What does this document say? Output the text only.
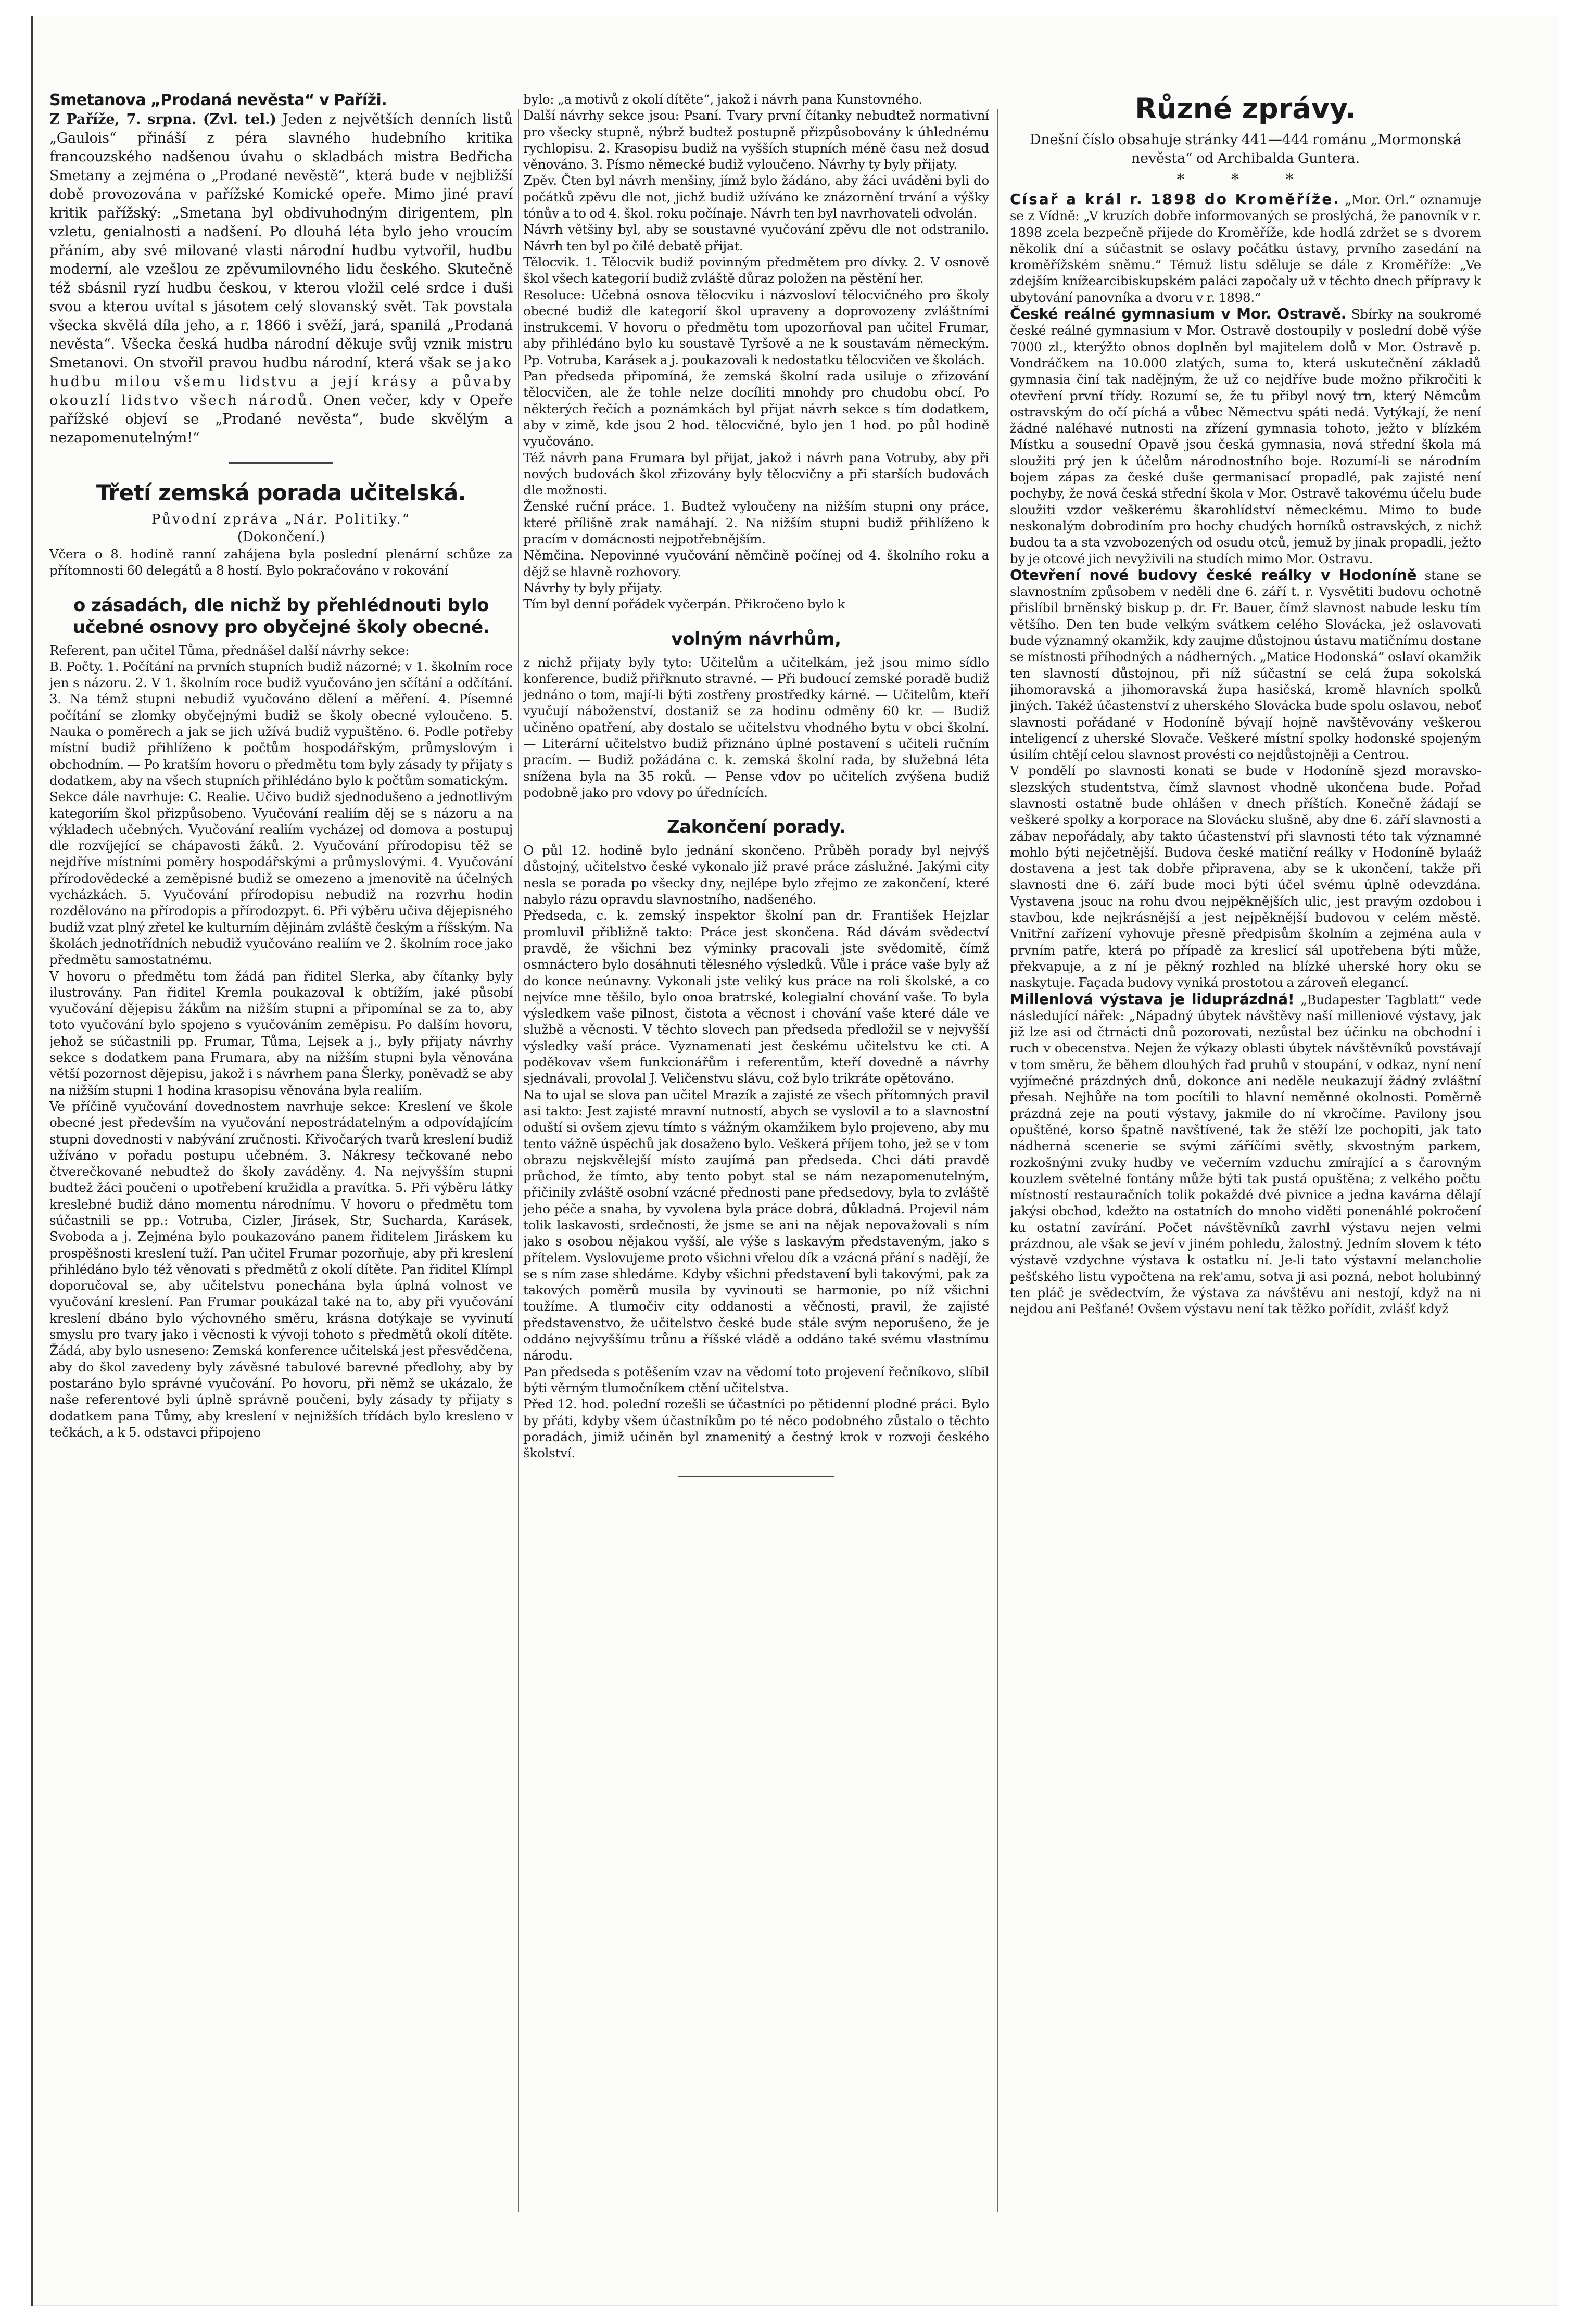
Smetanova „Prodaná nevěsta“ v Paříži.
Z Paříže, 7. srpna. (Zvl. tel.) Jeden z největších denních listů „Gaulois“ přináší z péra slavného hudebního kritika francouzského nadšenou úvahu o skladbách mistra Bedřicha Smetany a zejména o „Prodané nevěstě“, která bude v nejbližší době provozována v pařížské Komické opeře. Mimo jiné praví kritik pařížský: „Smetana byl obdivuhodným dirigentem, pln vzletu, genialnosti a nadšení. Po dlouhá léta bylo jeho vroucím přáním, aby své milované vlasti národní hudbu vytvořil, hudbu moderní, ale vzešlou ze zpěvumilovného lidu českého. Skutečně též sbásnil ryzí hudbu českou, v kterou vložil celé srdce i duši svou a kterou uvítal s jásotem celý slovanský svět. Tak povstala všecka skvělá díla jeho, a r. 1866 i svěží, jará, spanilá „Prodaná nevěsta“. Všecka česká hudba národní děkuje svůj vznik mistru Smetanovi. On stvořil pravou hudbu národní, která však se jako hudbu milou všemu lidstvu a její krásy a půvaby okouzlí lidstvo všech národů. Onen večer, kdy v Opeře pařížské objeví se „Prodané nevěsta“, bude skvělým a nezapomenutelným!“

Třetí zemská porada učitelská.

Původní zpráva „Nár. Politiky.“

(Dokončení.)

Včera o 8. hodině ranní zahájena byla poslední plenární schůze za přítomnosti 60 delegátů a 8 hostí. Bylo pokračováno v rokování

o zásadách, dle nichž by přehlédnouti bylo učebné osnovy pro obyčejné školy obecné.

Referent, pan učitel Tůma, přednášel další návrhy sekce:

B. Počty. 1. Počítání na prvních stupních budiž názorné; v 1. školním roce jen s názoru. 2. V 1. školním roce budiž vyučováno jen sčítání a odčítání. 3. Na témž stupni nebudiž vyučováno dělení a měření. 4. Písemné počítání se zlomky obyčejnými budiž se školy obecné vyloučeno. 5. Nauka o poměrech a jak se jich užívá budiž vypuštěno. 6. Podle potřeby místní budiž přihlíženo k počtům hospodářským, průmyslovým i obchodním. — Po kratším hovoru o předmětu tom byly zásady ty přijaty s dodatkem, aby na všech stupních přihlédáno bylo k počtům somatickým.

Sekce dále navrhuje: C. Realie. Učivo budiž sjednodušeno a jednotlivým kategoriím škol přizpůsobeno. Vyučování realiím děj se s názoru a na výkladech učebných. Vyučování realiím vycházej od domova a postupuj dle rozvíjející se chápavosti žáků. 2. Vyučování přírodopisu těž se nejdříve místními poměry hospodářskými a průmyslovými. 4. Vyučování přírodovědecké a zeměpisné budiž se omezeno a jmenovitě na účelných vycházkách. 5. Vyučování přírodopisu nebudiž na rozvrhu hodin rozdělováno na přírodopis a přírodozpyt. 6. Při výběru učiva dějepisného budiž vzat plný zřetel ke kulturním dějinám zvláště českým a říšským. Na školách jednotřídních nebudiž vyučováno realiím ve 2. školním roce jako předmětu samostatnému.

V hovoru o předmětu tom žádá pan řiditel Slerka, aby čítanky byly ilustrovány. Pan řiditel Kremla poukazoval k obtížím, jaké působí vyučování dějepisu žákům na nižším stupni a připomínal se za to, aby toto vyučování bylo spojeno s vyučováním zeměpisu. Po dalším hovoru, jehož se súčastnili pp. Frumar, Tůma, Lejsek a j., byly přijaty návrhy sekce s dodatkem pana Frumara, aby na nižším stupni byla věnována větší pozornost dějepisu, jakož i s návrhem pana Šlerky, poněvadž se aby na nižším stupni 1 hodina krasopisu věnována byla realiím.

Ve příčině vyučování dovednostem navrhuje sekce: Kreslení ve škole obecné jest především na vyučování nepostrádatelným a odpovídajícím stupni dovednosti v nabývání zručnosti. Křivočarých tvarů kreslení budiž užíváno v pořadu postupu učebném. 3. Nákresy tečkované nebo čtverečkované nebudtež do školy zaváděny. 4. Na nejvyšším stupni budtež žáci poučeni o upotřebení kružidla a pravítka. 5. Při výběru látky kreslebné budiž dáno momentu národnímu. V hovoru o předmětu tom súčastnili se pp.: Votruba, Cizler, Jirásek, Str, Sucharda, Karásek, Svoboda a j. Zejména bylo poukazováno panem řiditelem Jiráskem ku prospěšnosti kreslení tuží. Pan učitel Frumar pozorňuje, aby při kreslení přihlédáno bylo též věnovati s předmětů z okolí dítěte. Pan řiditel Klímpl doporučoval se, aby učitelstvu ponechána byla úplná volnost ve vyučování kreslení. Pan Frumar poukázal také na to, aby při vyučování kreslení dbáno bylo výchovného směru, krásna dotýkaje se vyvinutí smyslu pro tvary jako i věcnosti k vývoji tohoto s předmětů okolí dítěte. Žádá, aby bylo usneseno: Zemská konference učitelská jest přesvědčena, aby do škol zavedeny byly závěsné tabulové barevné předlohy, aby by postaráno bylo správné vyučování. Po hovoru, při němž se ukázalo, že naše referentové byli úplně správně poučeni, byly zásady ty přijaty s dodatkem pana Tůmy, aby kreslení v nejnižších třídách bylo kresleno v tečkách, a k 5. odstavci připojeno

bylo: „a motivů z okolí dítěte“, jakož i návrh pana Kunstovného.

Další návrhy sekce jsou: Psaní. Tvary první čítanky nebudtež normativní pro všecky stupně, nýbrž budtež postupně přizpůsobovány k úhlednému rychlopisu. 2. Krasopisu budiž na vyšších stupních méně času než dosud věnováno. 3. Písmo německé budiž vyloučeno. Návrhy ty byly přijaty.

Zpěv. Čten byl návrh menšiny, jímž bylo žádáno, aby žáci uváděni byli do počátků zpěvu dle not, jichž budiž užíváno ke znázornění trvání a výšky tónův a to od 4. škol. roku počínaje. Návrh ten byl navrhovateli odvolán.

Návrh většiny byl, aby se soustavné vyučování zpěvu dle not odstranilo. Návrh ten byl po čilé debatě přijat.

Tělocvik. 1. Tělocvik budiž povinným předmětem pro dívky. 2. V osnově škol všech kategorií budiž zvláště důraz položen na pěstění her.

Resoluce: Učebná osnova tělocviku i názvosloví tělocvičného pro školy obecné budiž dle kategorií škol upraveny a doprovozeny zvláštními instrukcemi. V hovoru o předmětu tom upozorňoval pan učitel Frumar, aby přihlédáno bylo ku soustavě Tyršově a ne k soustavám německým. Pp. Votruba, Karásek a j. poukazovali k nedostatku tělocvičen ve školách.

Pan předseda připomíná, že zemská školní rada usiluje o zřizování tělocvičen, ale že tohle nelze docíliti mnohdy pro chudobu obcí. Po některých řečích a poznámkách byl přijat návrh sekce s tím dodatkem, aby v zimě, kde jsou 2 hod. tělocvičné, bylo jen 1 hod. po půl hodině vyučováno.

Též návrh pana Frumara byl přijat, jakož i návrh pana Votruby, aby při nových budovách škol zřizovány byly tělocvičny a při starších budovách dle možnosti.

Ženské ruční práce. 1. Budtež vyloučeny na nižším stupni ony práce, které přílišně zrak namáhají. 2. Na nižším stupni budiž přihlíženo k pracím v domácnosti nejpotřebnějším.

Němčina. Nepovinné vyučování němčině počínej od 4. školního roku a dějž se hlavně rozhovory.

Návrhy ty byly přijaty.

Tím byl denní pořádek vyčerpán. Přikročeno bylo k

volným návrhům,

z nichž přijaty byly tyto: Učitelům a učitelkám, jež jsou mimo sídlo konference, budiž přiřknuto stravné. — Při budoucí zemské poradě budiž jednáno o tom, mají-li býti zostřeny prostředky kárné. — Učitelům, kteří vyučují náboženství, dostaniž se za hodinu odměny 60 kr. — Budiž učiněno opatření, aby dostalo se učitelstvu vhodného bytu v obci školní. — Literární učitelstvo budiž přiznáno úplné postavení s učiteli ručním pracím. — Budiž požádána c. k. zemská školní rada, by služebná léta snížena byla na 35 roků. — Pense vdov po učitelích zvýšena budiž podobně jako pro vdovy po úřednících.

Zakončení porady.

O půl 12. hodině bylo jednání skončeno. Průběh porady byl nejvýš důstojný, učitelstvo české vykonalo již pravé práce záslužné. Jakými city nesla se porada po všecky dny, nejlépe bylo zřejmo ze zakončení, které nabylo rázu opravdu slavnostního, nadšeného.

Předseda, c. k. zemský inspektor školní pan dr. František Hejzlar promluvil přibližně takto: Práce jest skončena. Rád dávám svědectví pravdě, že všichni bez výminky pracovali jste svědomitě, čímž osmnáctero bylo dosáhnuti tělesného výsledků. Vůle i práce vaše byly až do konce neúnavny. Vykonali jste veliký kus práce na roli školské, a co nejvíce mne těšilo, bylo onoa bratrské, kolegialní chování vaše. To byla výsledkem vaše pilnost, čistota a věcnost i chování vaše které dále ve službě a věcnosti. V těchto slovech pan předseda předložil se v nejvyšší výsledky vaší práce. Vyznamenati jest českému učitelstvu ke cti. A poděkovav všem funkcionářům i referentům, kteří dovedně a návrhy sjednávali, provolal J. Veličenstvu slávu, což bylo trikráte opětováno.

Na to ujal se slova pan učitel Mrazík a zajisté ze všech přítomných pravil asi takto: Jest zajisté mravní nutností, abych se vyslovil a to a slavnostní oduští si ovšem zjevu tímto s vážným okamžikem bylo projeveno, aby mu tento vážně úspěchů jak dosaženo bylo. Veškerá příjem toho, jež se v tom obrazu nejskvělejší místo zaujímá pan předseda. Chci dáti pravdě průchod, že tímto, aby tento pobyt stal se nám nezapomenutelným, přičinily zvláště osobní vzácné přednosti pane předsedovy, byla to zvláště jeho péče a snaha, by vyvolena byla práce dobrá, důkladná. Projevil nám tolik laskavosti, srdečnosti, že jsme se ani na nějak nepovažovali s ním jako s osobou nějakou vyšší, ale výše s laskavým představeným, jako s přítelem. Vyslovujeme proto všichni vřelou dík a vzácná přání s nadějí, že se s ním zase shledáme. Kdyby všichni představení byli takovými, pak za takových poměrů musila by vyvinouti se harmonie, po níž všichni toužíme. A tlumočiv city oddanosti a věčnosti, pravil, že zajisté představenstvo, že učitelstvo české bude stále svým neporušeno, že je oddáno nejvyššímu trůnu a říšské vládě a oddáno také svému vlastnímu národu.

Pan předseda s potěšením vzav na vědomí toto projevení řečníkovo, slíbil býti věrným tlumočníkem ctění učitelstva.

Před 12. hod. polední rozešli se účastníci po pětidenní plodné práci. Bylo by přáti, kdyby všem účastníkům po té něco podobného zůstalo o těchto poradách, jimiž učiněn byl znamenitý a čestný krok v rozvoji českého školství.

Různé zprávy.

Dnešní číslo obsahuje stránky 441—444 románu „Mormonská nevěsta“ od Archibalda Guntera.

* * *

Císař a král r. 1898 do Kroměříže. „Mor. Orl.“ oznamuje se z Vídně: „V kruzích dobře informovaných se proslýchá, že panovník v r. 1898 zcela bezpečně přijede do Kroměříže, kde hodlá zdržet se s dvorem několik dní a súčastnit se oslavy počátku ústavy, prvního zasedání na kroměřížském sněmu.“ Témuž listu sděluje se dále z Kroměříže: „Ve zdejším knížearcibiskupském paláci započaly už v těchto dnech přípravy k ubytování panovníka a dvoru v r. 1898.“

České reálné gymnasium v Mor. Ostravě. Sbírky na soukromé české reálné gymnasium v Mor. Ostravě dostoupily v poslední době výše 7000 zl., kterýžto obnos doplněn byl majitelem dolů v Mor. Ostravě p. Vondráčkem na 10.000 zlatých, suma to, která uskutečnění základů gymnasia činí tak nadějným, že už co nejdříve bude možno přikročiti k otevření první třídy. Rozumí se, že tu přibyl nový trn, který Němcům ostravským do očí píchá a vůbec Němectvu spáti nedá. Vytýkají, že není žádné naléhavé nutnosti na zřízení gymnasia tohoto, ježto v blízkém Místku a sousední Opavě jsou česká gymnasia, nová střední škola má sloužiti prý jen k účelům národnostního boje. Rozumí-li se národním bojem zápas za české duše germanisací propadlé, pak zajisté není pochyby, že nová česká střední škola v Mor. Ostravě takovému účelu bude sloužiti vzdor veškerému škarohlídství německému. Mimo to bude neskonalým dobrodiním pro hochy chudých horníků ostravských, z nichž budou ta a sta vzvobozených od osudu otců, jemuž by jinak propadli, ježto by je otcové jich nevyživili na studích mimo Mor. Ostravu.

Otevření nové budovy české reálky v Hodoníně stane se slavnostním způsobem v neděli dne 6. září t. r. Vysvětiti budovu ochotně přislíbil brněnský biskup p. dr. Fr. Bauer, čímž slavnost nabude lesku tím většího. Den ten bude velkým svátkem celého Slovácka, jež oslavovati bude významný okamžik, kdy zaujme důstojnou ústavu matičnímu dostane se místnosti příhodných a nádherných. „Matice Hodonská“ oslaví okamžik ten slavností důstojnou, při níž súčastní se celá župa sokolská jihomoravská a jihomoravská župa hasičská, kromě hlavních spolků jiných. Takéž účastenství z uherského Slovácka bude spolu oslavou, neboť slavnosti pořádané v Hodoníně bývají hojně navštěvovány veškerou inteligencí z uherské Slovače. Veškeré místní spolky hodonské spojeným úsilím chtějí celou slavnost provésti co nejdůstojněji a Centrou.

V pondělí po slavnosti konati se bude v Hodoníně sjezd moravsko-slezských studentstva, čímž slavnost vhodně ukončena bude. Pořad slavnosti ostatně bude ohlášen v dnech příštích. Konečně žádají se veškeré spolky a korporace na Slovácku slušně, aby dne 6. září slavnosti a zábav nepořádaly, aby takto účastenství při slavnosti této tak významné mohlo býti nejčetnější. Budova české matiční reálky v Hodoníně bylaáž dostavena a jest tak dobře připravena, aby se k ukončení, takže při slavnosti dne 6. září bude moci býti účel svému úplně odevzdána. Vystavena jsouc na rohu dvou nejpěknějších ulic, jest pravým ozdobou i stavbou, kde nejkrásnější a jest nejpěknější budovou v celém městě. Vnitřní zařízení vyhovuje přesně předpisům školním a zejména aula v prvním patře, která po případě za kreslicí sál upotřebena býti může, překvapuje, a z ní je pěkný rozhled na blízké uherské hory oku se naskytuje. Façada budovy vyniká prostotou a zároveň elegancí.

Millenlová výstava je liduprázdná! „Budapester Tagblatt“ vede následující nářek: „Nápadný úbytek návštěvy naší milleniové výstavy, jak již lze asi od čtrnácti dnů pozorovati, nezůstal bez účinku na obchodní i ruch v obecenstva. Nejen že výkazy oblasti úbytek návštěvníků povstávají v tom směru, že během dlouhých řad pruhů v stoupání, v odkaz, nyní není vyjímečné prázdných dnů, dokonce ani neděle neukazují žádný zvláštní přesah. Nejhůře na tom pocítili to hlavní neměnné okolnosti. Poměrně prázdná zeje na pouti výstavy, jakmile do ní vkročíme. Pavilony jsou opuštěné, korso špatně navštívené, tak že stěží lze pochopiti, jak tato nádherná scenerie se svými záříčími světly, skvostným parkem, rozkošnými zvuky hudby ve večerním vzduchu zmírající a s čarovným kouzlem světelné fontány může býti tak pustá opuštěna; z velkého počtu místností restauračních tolik pokaždé dvé pivnice a jedna kavárna dělají jakýsi obchod, kdežto na ostatních do mnoho viděti ponenáhlé pokročení ku ostatní zavírání. Počet návštěvníků zavrhl výstavu nejen velmi prázdnou, ale však se jeví v jiném pohledu, žalostný. Jedním slovem k této výstavě vzdychne výstava k ostatku ní. Je-li tato výstavní melancholie pešťského listu vypočtena na rek'amu, sotva ji asi pozná, nebot holubinný ten pláč je svědectvím, že výstava za návštěvu ani nestojí, když na ni nejdou ani Pešťané! Ovšem výstavu není tak těžko pořídit, zvlášť když
